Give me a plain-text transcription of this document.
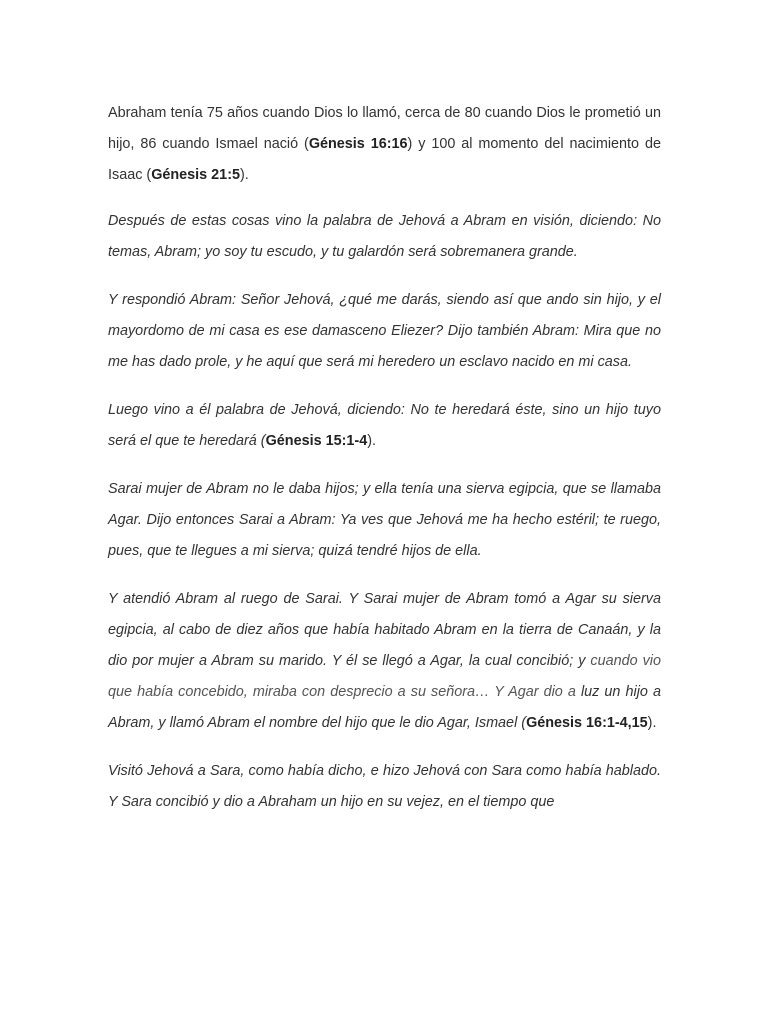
Abraham tenía 75 años cuando Dios lo llamó, cerca de 80 cuando Dios le prometió un hijo, 86 cuando Ismael nació (Génesis 16:16) y 100 al momento del nacimiento de Isaac (Génesis 21:5).

Después de estas cosas vino la palabra de Jehová a Abram en visión, diciendo: No temas, Abram; yo soy tu escudo, y tu galardón será sobremanera grande.

Y respondió Abram: Señor Jehová, ¿qué me darás, siendo así que ando sin hijo, y el mayordomo de mi casa es ese damasceno Eliezer? Dijo también Abram: Mira que no me has dado prole, y he aquí que será mi heredero un esclavo nacido en mi casa.

Luego vino a él palabra de Jehová, diciendo: No te heredará éste, sino un hijo tuyo será el que te heredará (Génesis 15:1-4).

Sarai mujer de Abram no le daba hijos; y ella tenía una sierva egipcia, que se llamaba Agar. Dijo entonces Sarai a Abram: Ya ves que Jehová me ha hecho estéril; te ruego, pues, que te llegues a mi sierva; quizá tendré hijos de ella.

Y atendió Abram al ruego de Sarai. Y Sarai mujer de Abram tomó a Agar su sierva egipcia, al cabo de diez años que había habitado Abram en la tierra de Canaán, y la dio por mujer a Abram su marido. Y él se llegó a Agar, la cual concibió; y cuando vio que había concebido, miraba con desprecio a su señora… Y Agar dio a luz un hijo a Abram, y llamó Abram el nombre del hijo que le dio Agar, Ismael (Génesis 16:1-4,15).

Visitó Jehová a Sara, como había dicho, e hizo Jehová con Sara como había hablado. Y Sara concibió y dio a Abraham un hijo en su vejez, en el tiempo que
